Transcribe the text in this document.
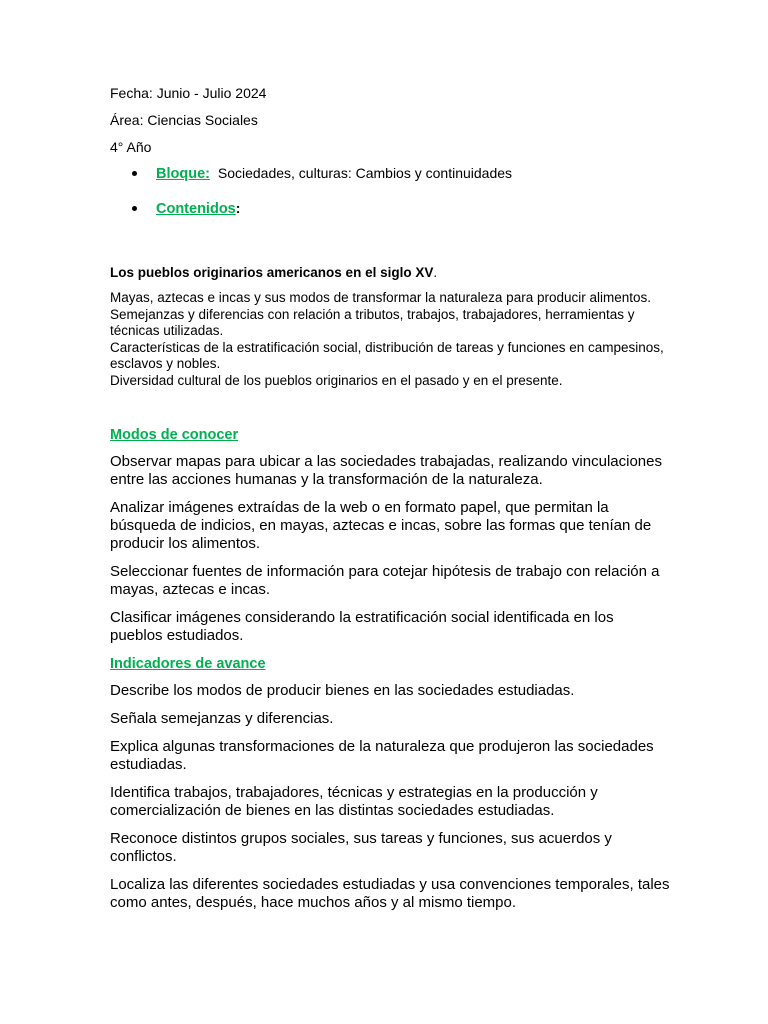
Fecha: Junio - Julio 2024

Área: Ciencias Sociales

4° Año

Bloque: Sociedades, culturas: Cambios y continuidades
Contenidos:

Los pueblos originarios americanos en el siglo XV.

Mayas, aztecas e incas y sus modos de transformar la naturaleza para producir alimentos.
Semejanzas y diferencias con relación a tributos, trabajos, trabajadores, herramientas y técnicas utilizadas.
Características de la estratificación social, distribución de tareas y funciones en campesinos, esclavos y nobles.
Diversidad cultural de los pueblos originarios en el pasado y en el presente.

Modos de conocer

Observar mapas para ubicar a las sociedades trabajadas, realizando vinculaciones entre las acciones humanas y la transformación de la naturaleza.

Analizar imágenes extraídas de la web o en formato papel, que permitan la búsqueda de indicios, en mayas, aztecas e incas, sobre las formas que tenían de producir los alimentos.

Seleccionar fuentes de información para cotejar hipótesis de trabajo con relación a mayas, aztecas e incas.

Clasificar imágenes considerando la estratificación social identificada en los pueblos estudiados.

Indicadores de avance

Describe los modos de producir bienes en las sociedades estudiadas.

Señala semejanzas y diferencias.

Explica algunas transformaciones de la naturaleza que produjeron las sociedades estudiadas.

Identifica trabajos, trabajadores, técnicas y estrategias en la producción y comercialización de bienes en las distintas sociedades estudiadas.

Reconoce distintos grupos sociales, sus tareas y funciones, sus acuerdos y conflictos.

Localiza las diferentes sociedades estudiadas y usa convenciones temporales, tales como antes, después, hace muchos años y al mismo tiempo.
